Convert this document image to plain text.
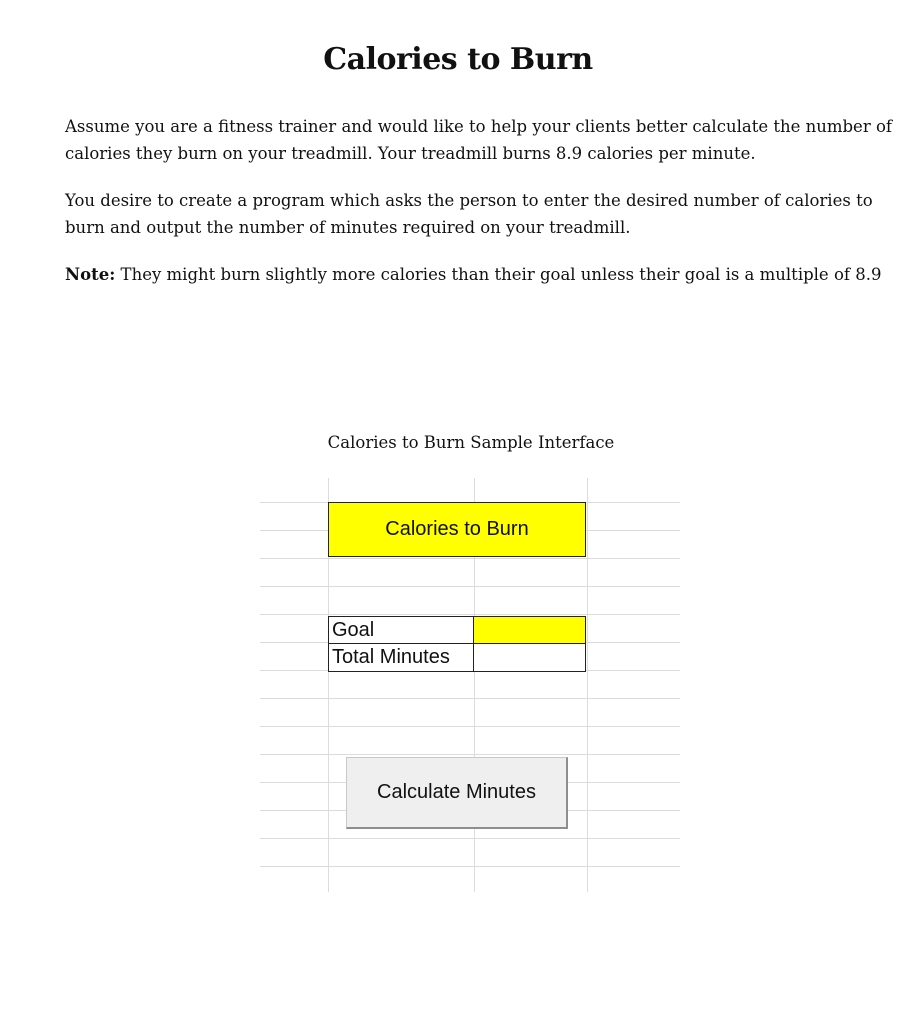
Calories to Burn

Assume you are a fitness trainer and would like to help your clients better calculate the number of calories they burn on your treadmill. Your treadmill burns 8.9 calories per minute.

You desire to create a program which asks the person to enter the desired number of calories to burn and output the number of minutes required on your treadmill.

Note: They might burn slightly more calories than their goal unless their goal is a multiple of 8.9

Calories to Burn Sample Interface

Calories to Burn
Goal
Total Minutes
Calculate Minutes
